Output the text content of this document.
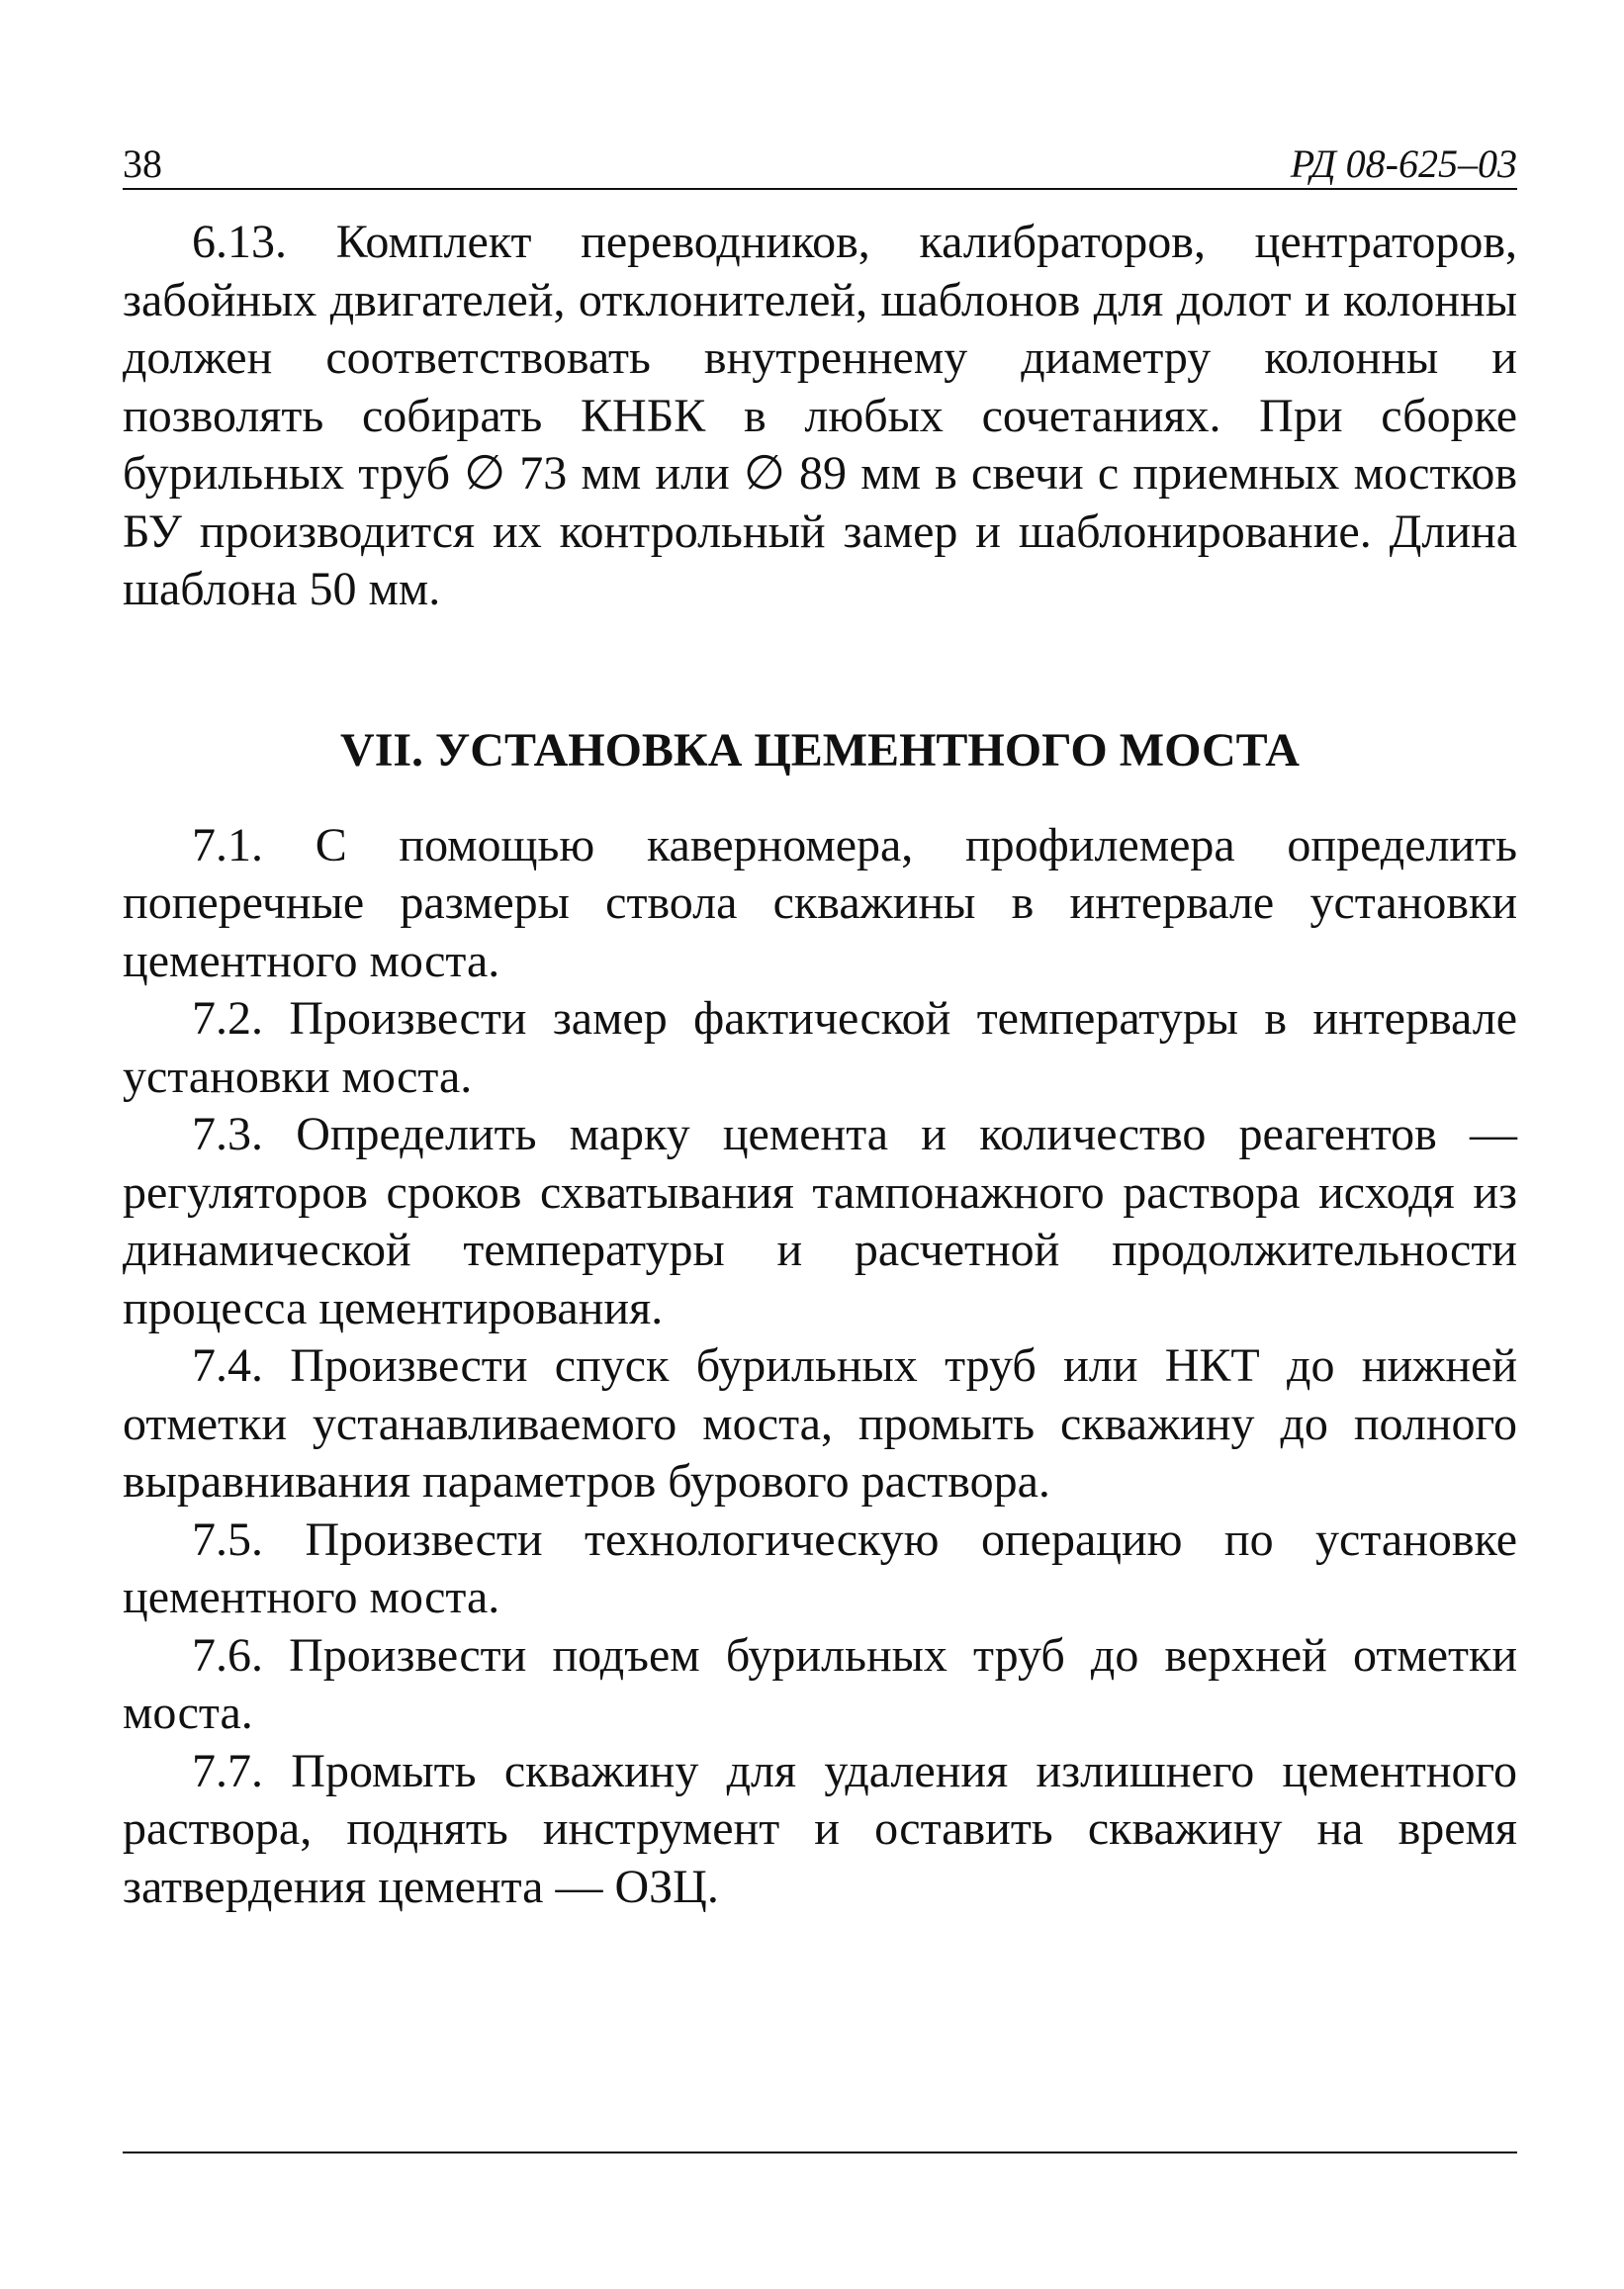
38	РД 08-625–03

6.13. Комплект переводников, калибраторов, центраторов, забойных двигателей, отклонителей, шаблонов для долот и колонны должен соответствовать внутреннему диаметру колонны и позволять собирать КНБК в любых сочетаниях. При сборке бурильных труб ∅ 73 мм или ∅ 89 мм в свечи с приемных мостков БУ производится их контрольный замер и шаблонирование. Длина шаблона 50 мм.

VII. УСТАНОВКА ЦЕМЕНТНОГО МОСТА

7.1. С помощью каверномера, профилемера определить поперечные размеры ствола скважины в интервале установки цементного моста.

7.2. Произвести замер фактической температуры в интервале установки моста.

7.3. Определить марку цемента и количество реагентов — регуляторов сроков схватывания тампонажного раствора исходя из динамической температуры и расчетной продолжительности процесса цементирования.

7.4. Произвести спуск бурильных труб или НКТ до нижней отметки устанавливаемого моста, промыть скважину до полного выравнивания параметров бурового раствора.

7.5. Произвести технологическую операцию по установке цементного моста.

7.6. Произвести подъем бурильных труб до верхней отметки моста.

7.7. Промыть скважину для удаления излишнего цементного раствора, поднять инструмент и оставить скважину на время затвердения цемента — ОЗЦ.
